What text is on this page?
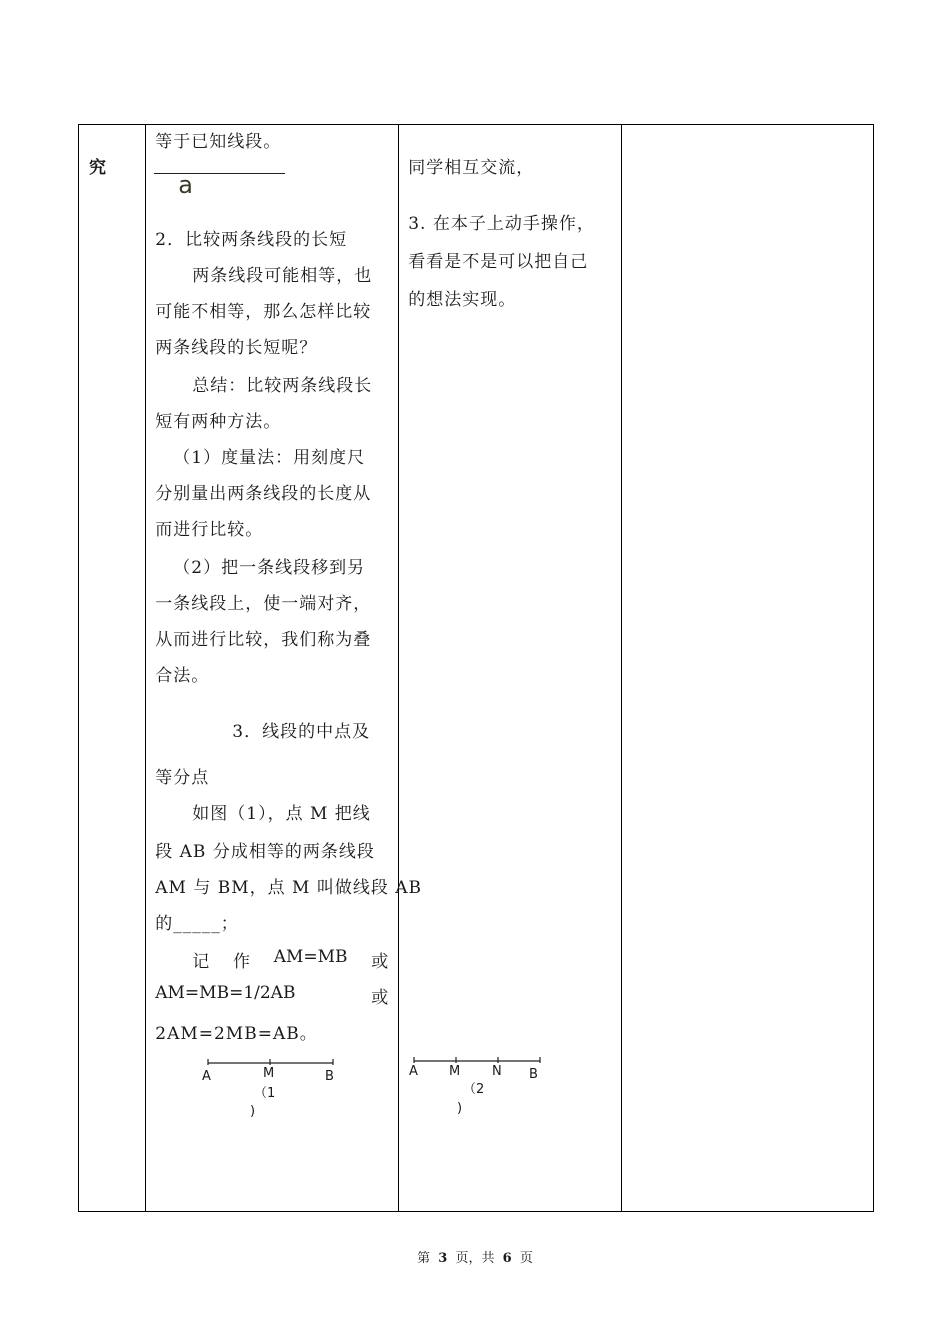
究

等于已知线段。
a
2．比较两条线段的长短
两条线段可能相等，也
可能不相等，那么怎样比较
两条线段的长短呢？
总结：比较两条线段长
短有两种方法。
（1）度量法：用刻度尺
分别量出两条线段的长度从
而进行比较。
（2）把一条线段移到另
一条线段上，使一端对齐，
从而进行比较，我们称为叠
合法。
3．线段的中点及
等分点
如图（1），点 M 把线
段 AB 分成相等的两条线段
AM 与 BM，点 M 叫做线段 AB
的_____；
记 作 AM=MB 或
AM=MB=1/2AB	或
2AM=2MB=AB。
A	M	B
（1
)

同学相互交流，
3. 在本子上动手操作，
看看是不是可以把自己
的想法实现。
A M N B
（2
)

第 3 页，共 6 页
